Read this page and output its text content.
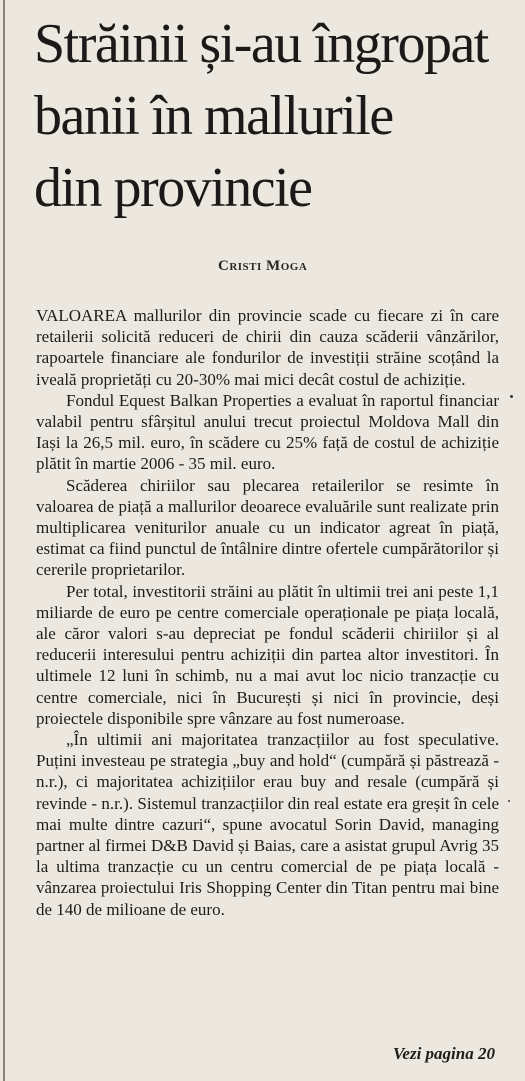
Străinii și-au îngropat
banii în mallurile
din provincie
Cristi Moga

VALOAREA mallurilor din provincie scade cu fiecare zi în care retailerii solicită reduceri de chirii din cauza scăderii vânzărilor, rapoartele financiare ale fondurilor de investiții străine scoțând la iveală proprietăți cu 20-30% mai mici decât costul de achiziție.

Fondul Equest Balkan Properties a evaluat în raportul financiar valabil pentru sfârșitul anului trecut proiectul Moldova Mall din Iași la 26,5 mil. euro, în scădere cu 25% față de costul de achiziție plătit în martie 2006 - 35 mil. euro.

Scăderea chiriilor sau plecarea retailerilor se resimte în valoarea de piață a mallurilor deoarece evaluările sunt realizate prin multiplicarea veniturilor anuale cu un indicator agreat în piață, estimat ca fiind punctul de întâlnire dintre ofertele cumpărătorilor și cererile proprietarilor.

Per total, investitorii străini au plătit în ultimii trei ani peste 1,1 miliarde de euro pe centre comerciale operaționale pe piața locală, ale căror valori s-au depreciat pe fondul scăderii chiriilor și al reducerii interesului pentru achiziții din partea altor investitori. În ultimele 12 luni în schimb, nu a mai avut loc nicio tranzacție cu centre comerciale, nici în București și nici în provincie, deși proiectele disponibile spre vânzare au fost numeroase.

„În ultimii ani majoritatea tranzacțiilor au fost speculative. Puțini investeau pe strategia „buy and hold“ (cumpără și păstrează - n.r.), ci majoritatea achizițiilor erau buy and resale (cumpără și revinde - n.r.). Sistemul tranzacțiilor din real estate era greșit în cele mai multe dintre cazuri“, spune avocatul Sorin David, managing partner al firmei D&B David și Baias, care a asistat grupul Avrig 35 la ultima tranzacție cu un centru comercial de pe piața locală - vânzarea proiectului Iris Shopping Center din Titan pentru mai bine de 140 de milioane de euro.

Vezi pagina 20
